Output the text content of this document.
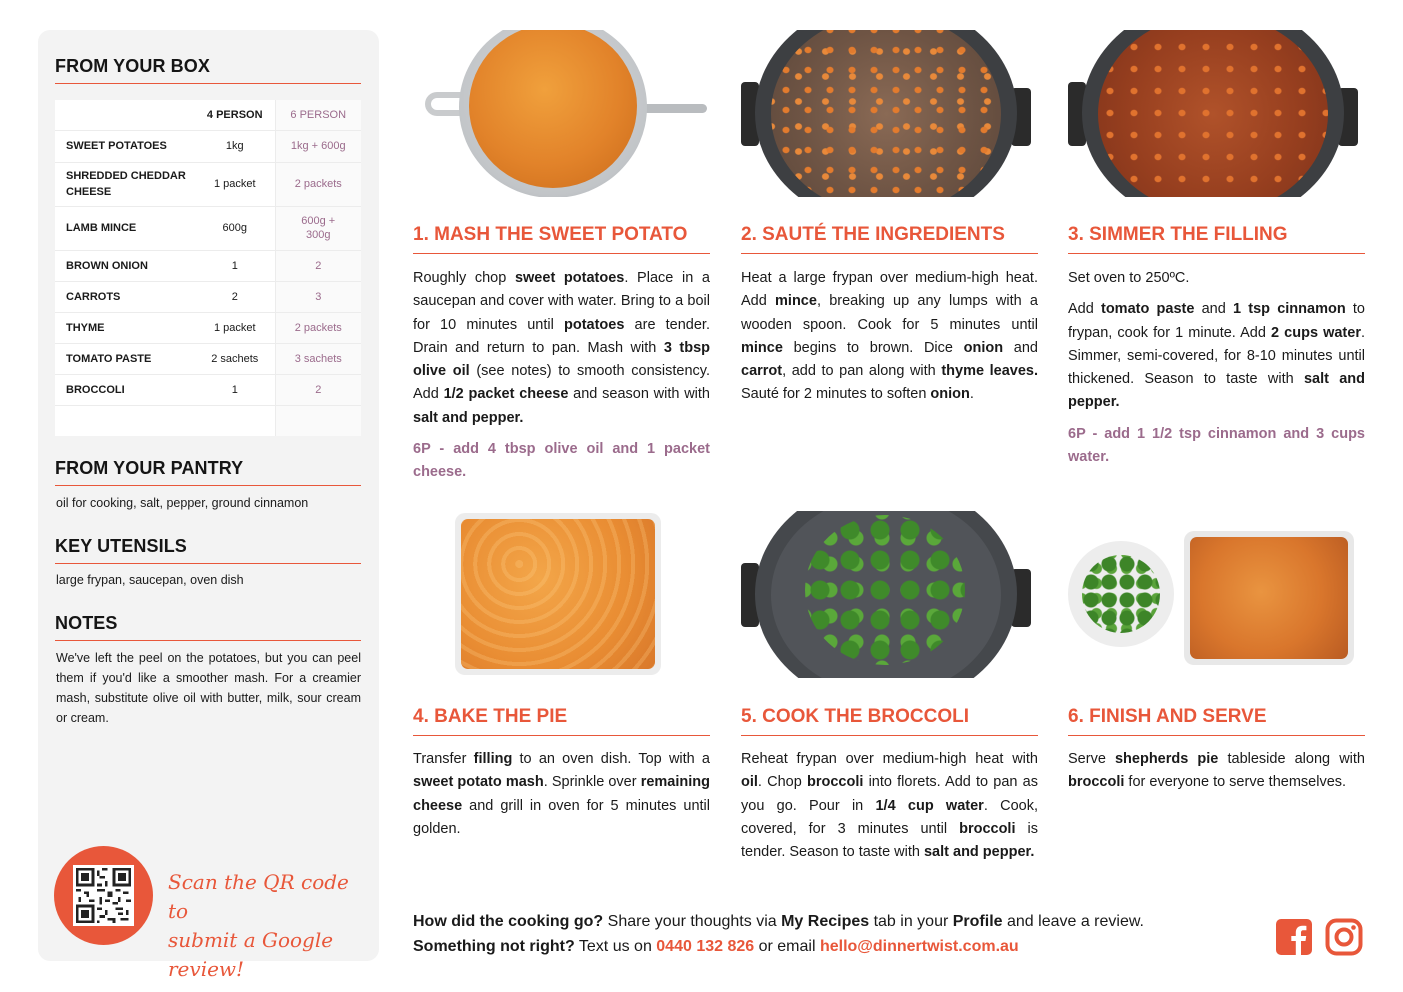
FROM YOUR BOX
	4 PERSON	6 PERSON
SWEET POTATOES	1kg	1kg + 600g
SHREDDED CHEDDAR CHEESE	1 packet	2 packets
LAMB MINCE	600g	600g + 300g
BROWN ONION	1	2
CARROTS	2	3
THYME	1 packet	2 packets
TOMATO PASTE	2 sachets	3 sachets
BROCCOLI	1	2

FROM YOUR PANTRY
oil for cooking, salt, pepper, ground cinnamon
KEY UTENSILS
large frypan, saucepan, oven dish
NOTES
We've left the peel on the potatoes, but you can peel them if you'd like a smoother mash. For a creamier mash, substitute olive oil with butter, milk, sour cream or cream.
Scan the QR code to
submit a Google review!
1. MASH THE SWEET POTATO

Roughly chop sweet potatoes. Place in a saucepan and cover with water. Bring to a boil for 10 minutes until potatoes are tender. Drain and return to pan. Mash with 3 tbsp olive oil (see notes) to smooth consistency. Add 1/2 packet cheese and season with with salt and pepper.

6P - add 4 tbsp olive oil and 1 packet cheese.

2. SAUTÉ THE INGREDIENTS

Heat a large frypan over medium-high heat. Add mince, breaking up any lumps with a wooden spoon. Cook for 5 minutes until mince begins to brown. Dice onion and carrot, add to pan along with thyme leaves. Sauté for 2 minutes to soften onion.

3. SIMMER THE FILLING

Set oven to 250ºC.

Add tomato paste and 1 tsp cinnamon to frypan, cook for 1 minute. Add 2 cups water. Simmer, semi-covered, for 8-10 minutes until thickened. Season to taste with salt and pepper.

6P - add 1 1/2 tsp cinnamon and 3 cups water.

4. BAKE THE PIE

Transfer filling to an oven dish. Top with a sweet potato mash. Sprinkle over remaining cheese and grill in oven for 5 minutes until golden.

5. COOK THE BROCCOLI

Reheat frypan over medium-high heat with oil. Chop broccoli into florets. Add to pan as you go. Pour in 1/4 cup water. Cook, covered, for 3 minutes until broccoli is tender. Season to taste with salt and pepper.

6. FINISH AND SERVE

Serve shepherds pie tableside along with broccoli for everyone to serve themselves.

How did the cooking go? Share your thoughts via My Recipes tab in your Profile and leave a review.
Something not right? Text us on 0440 132 826 or email hello@dinnertwist.com.au
